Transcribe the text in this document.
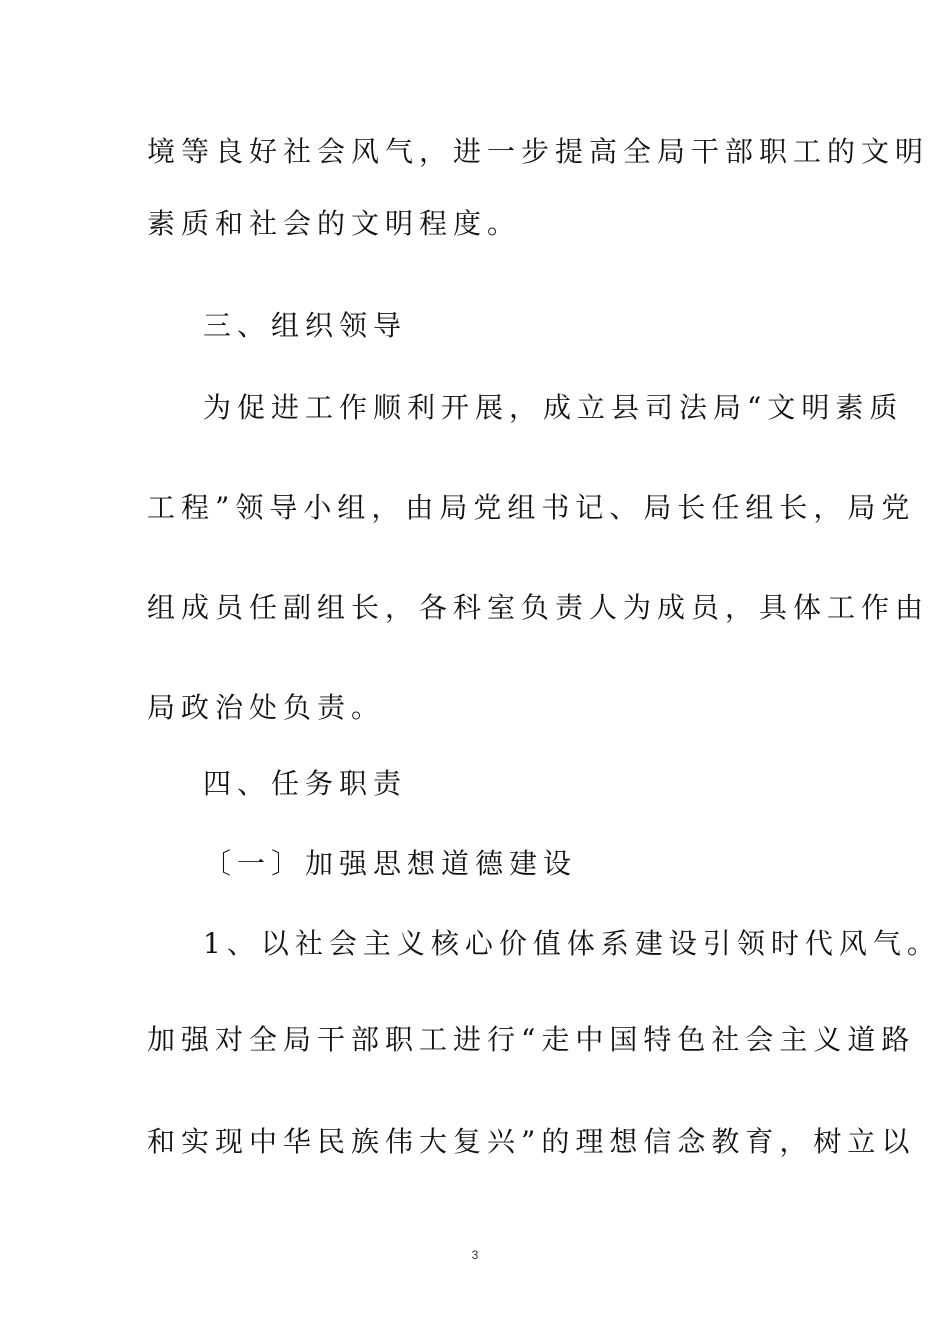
境等良好社会风气，进一步提高全局干部职工的文明
素质和社会的文明程度。
三、组织领导
为促进工作顺利开展，成立县司法局“文明素质
工程”领导小组，由局党组书记、局长任组长，局党
组成员任副组长，各科室负责人为成员，具体工作由
局政治处负责。
四、任务职责
〔一〕加强思想道德建设
1、以社会主义核心价值体系建设引领时代风气。
加强对全局干部职工进行“走中国特色社会主义道路
和实现中华民族伟大复兴”的理想信念教育，树立以
3
